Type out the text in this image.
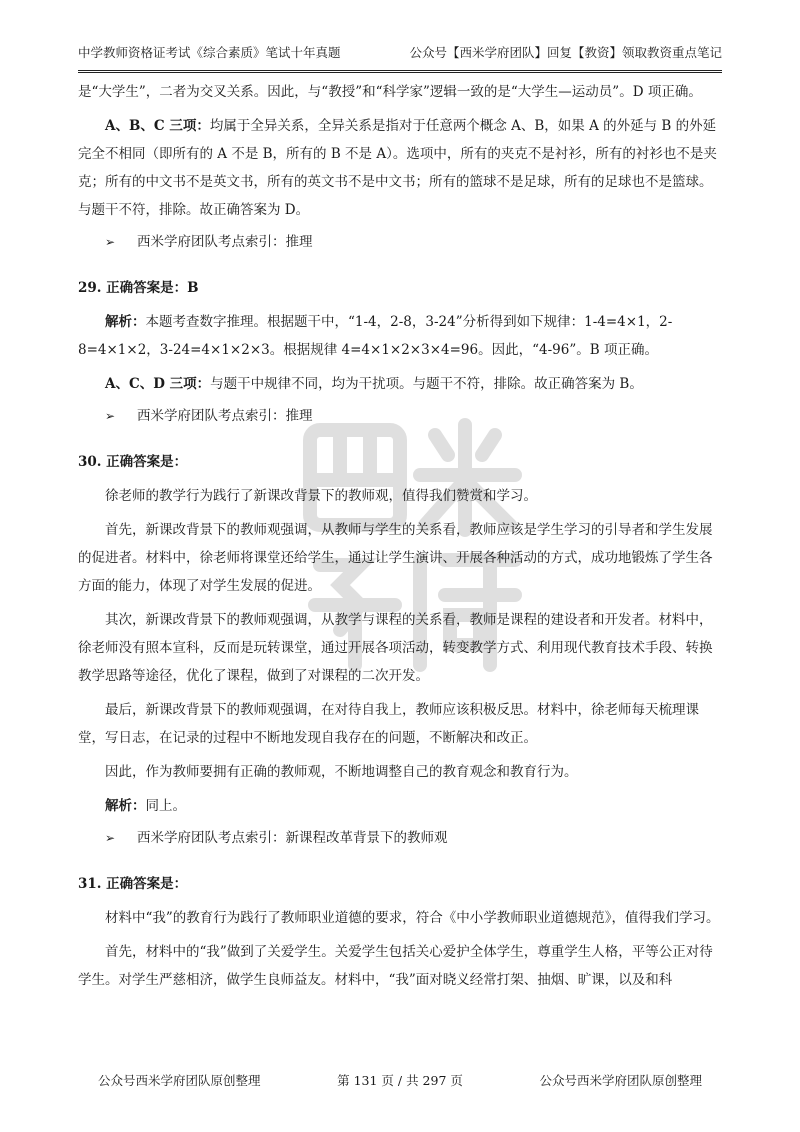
中学教师资格证考试《综合素质》笔试十年真题	公众号【西米学府团队】回复【教资】领取教资重点笔记

是“大学生”，二者为交叉关系。因此，与“教授”和“科学家”逻辑一致的是“大学生—运动员”。D 项正确。

A、B、C 三项：均属于全异关系，全异关系是指对于任意两个概念 A、B，如果 A 的外延与 B 的外延完全不相同（即所有的 A 不是 B，所有的 B 不是 A）。选项中，所有的夹克不是衬衫，所有的衬衫也不是夹克；所有的中文书不是英文书，所有的英文书不是中文书；所有的篮球不是足球，所有的足球也不是篮球。与题干不符，排除。故正确答案为 D。

➢ 西米学府团队考点索引：推理

29. 正确答案是：B

解析：本题考查数字推理。根据题干中，“1-4，2-8，3-24”分析得到如下规律：1-4=4×1，2-8=4×1×2，3-24=4×1×2×3。根据规律 4=4×1×2×3×4=96。因此，“4-96”。B 项正确。

A、C、D 三项：与题干中规律不同，均为干扰项。与题干不符，排除。故正确答案为 B。

➢ 西米学府团队考点索引：推理

30. 正确答案是：

徐老师的教学行为践行了新课改背景下的教师观，值得我们赞赏和学习。

首先，新课改背景下的教师观强调，从教师与学生的关系看，教师应该是学生学习的引导者和学生发展的促进者。材料中，徐老师将课堂还给学生，通过让学生演讲、开展各种活动的方式，成功地锻炼了学生各方面的能力，体现了对学生发展的促进。

其次，新课改背景下的教师观强调，从教学与课程的关系看，教师是课程的建设者和开发者。材料中，徐老师没有照本宣科，反而是玩转课堂，通过开展各项活动，转变教学方式、利用现代教育技术手段、转换教学思路等途径，优化了课程，做到了对课程的二次开发。

最后，新课改背景下的教师观强调，在对待自我上，教师应该积极反思。材料中，徐老师每天梳理课堂，写日志，在记录的过程中不断地发现自我存在的问题，不断解决和改正。

因此，作为教师要拥有正确的教师观，不断地调整自己的教育观念和教育行为。

解析：同上。

➢ 西米学府团队考点索引：新课程改革背景下的教师观

31. 正确答案是：

材料中“我”的教育行为践行了教师职业道德的要求，符合《中小学教师职业道德规范》，值得我们学习。

首先，材料中的“我”做到了关爱学生。关爱学生包括关心爱护全体学生，尊重学生人格，平等公正对待学生。对学生严慈相济，做学生良师益友。材料中，“我”面对晓义经常打架、抽烟、旷课，以及和科

公众号西米学府团队原创整理	第 131 页 / 共 297 页	公众号西米学府团队原创整理
